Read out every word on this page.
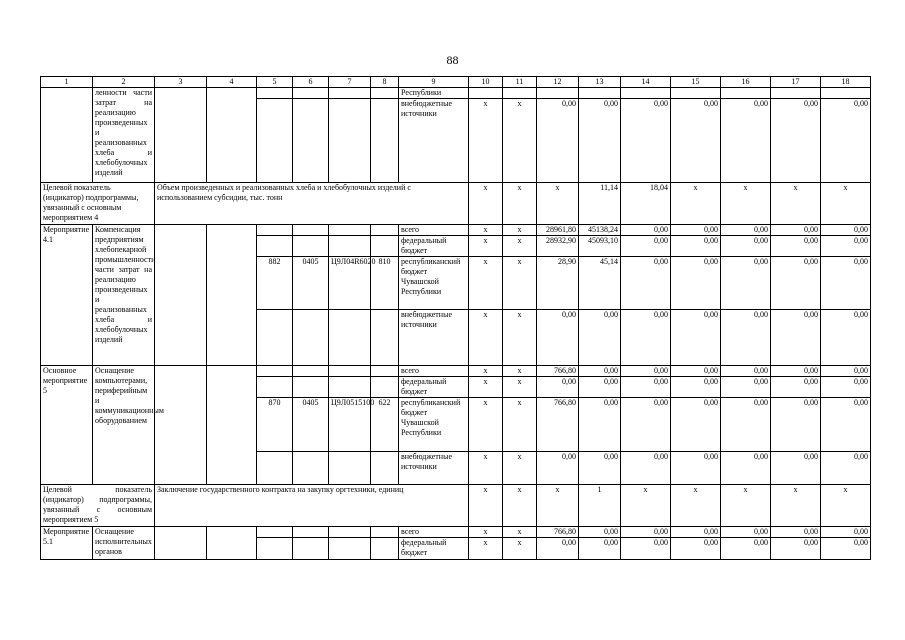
88
1	2	3	4	5	6	7	8	9	10	11	12	13	14	15	16	17	18	
	ленности части затрат на реализацию произведенных и реализованных хлеба и хлебобулочных изделий							Республики										
								внебюджетные источники	x	x	0,00	0,00	0,00	0,00	0,00	0,00	0,00	
Целевой показатель (индикатор) подпрограммы, увязанный с основным мероприятием 4		Объем произведенных и реализованных хлеба и хлебобулочных изделий с использованием субсидии, тыс. тонн							x	x	x	11,14	18,04	x	x	x	x	
Мероприятие 4.1	Компенсация предприятиям хлебопекарной промышленности части затрат на реализацию произведенных и реализованных хлеба и хлебобулочных изделий							всего	x	x	28961,80	45138,24	0,00	0,00	0,00	0,00	0,00	
								федеральный бюджет	x	x	28932,90	45093,10	0,00	0,00	0,00	0,00	0,00	
				882	0405	Ц9Л04R6020	810	республиканский бюджет Чувашской Республики	x	x	28,90	45,14	0,00	0,00	0,00	0,00	0,00	
								внебюджетные источники	x	x	0,00	0,00	0,00	0,00	0,00	0,00	0,00	
Основное мероприятие 5	Оснащение компьютерами, периферийным и коммуникационным оборудованием							всего	x	x	766,80	0,00	0,00	0,00	0,00	0,00	0,00	
								федеральный бюджет	x	x	0,00	0,00	0,00	0,00	0,00	0,00	0,00	
				870	0405	Ц9Л0515100	622	республиканский бюджет Чувашской Республики	x	x	766,80	0,00	0,00	0,00	0,00	0,00	0,00	
								внебюджетные источники	x	x	0,00	0,00	0,00	0,00	0,00	0,00	0,00	
Целевой показатель (индикатор) подпрограммы, увязанный с основным мероприятием 5		Заключение государственного контракта на закупку оргтехники, единиц							x	x	x	1	x	x	x	x	x	
Мероприятие 5.1	Оснащение исполнительных органов							всего	x	x	766,80	0,00	0,00	0,00	0,00	0,00	0,00	
								федеральный бюджет	x	x	0,00	0,00	0,00	0,00	0,00	0,00	0,00	
